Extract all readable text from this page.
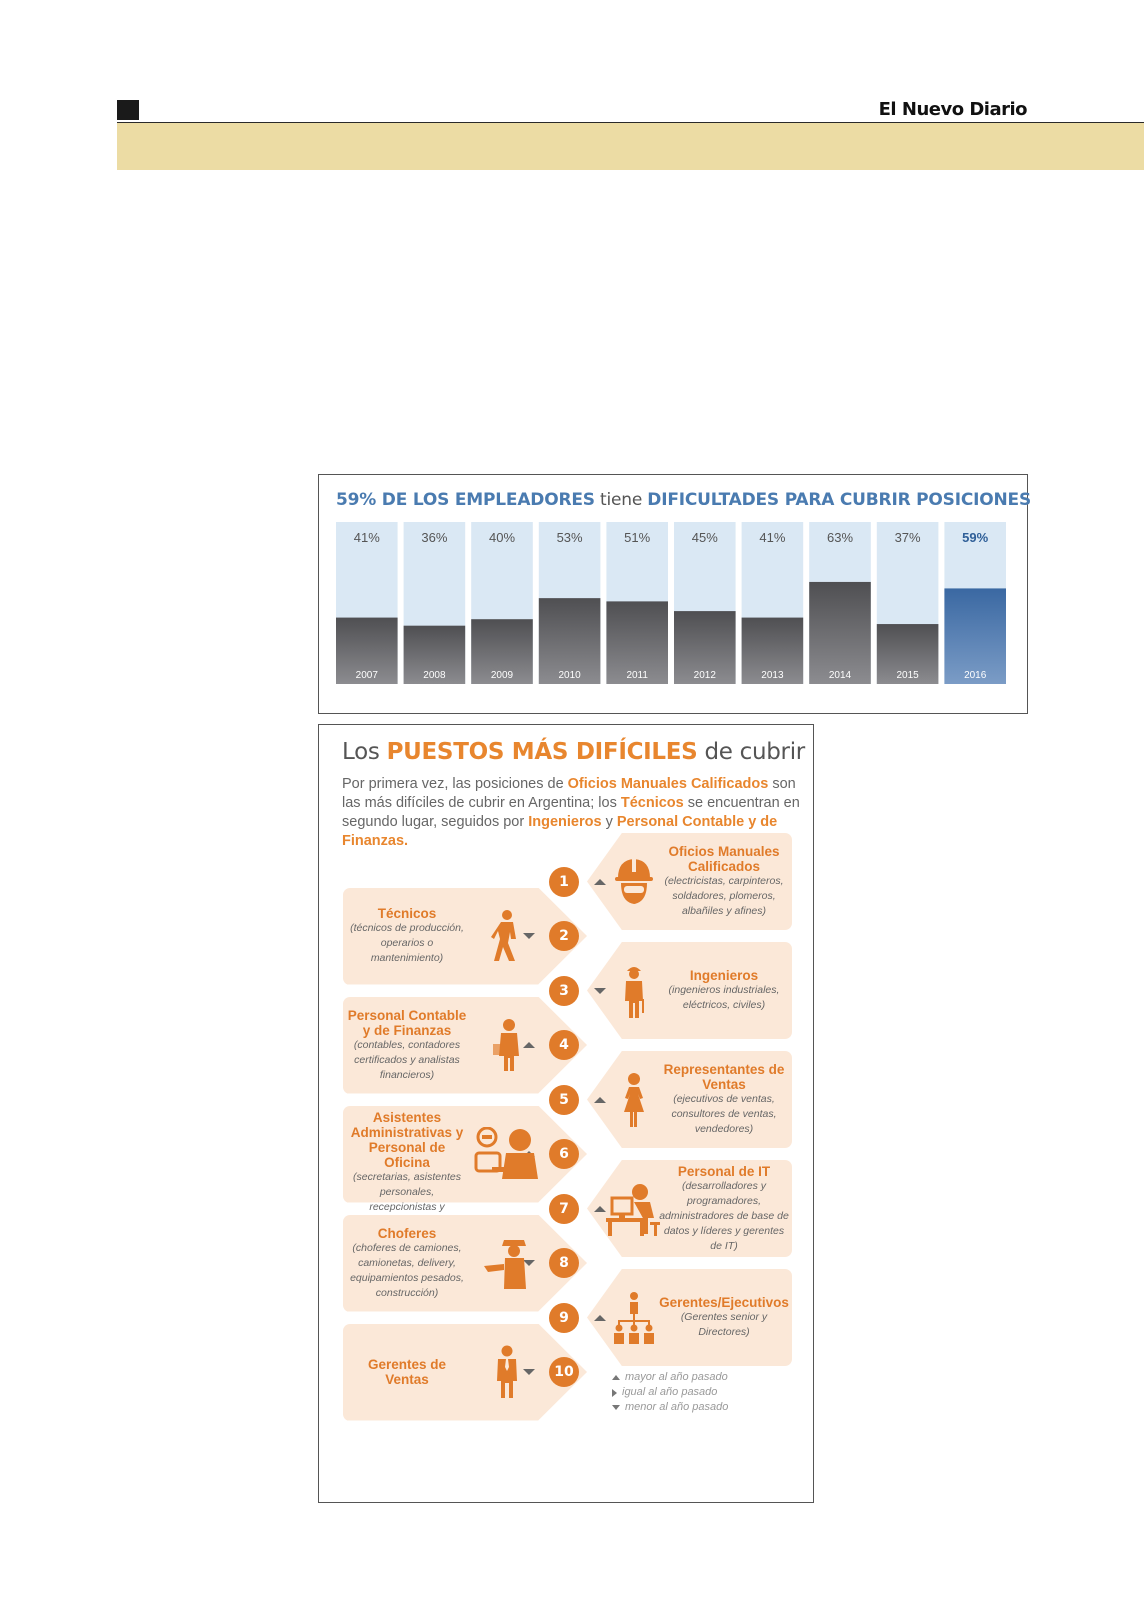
El Nuevo Diario
59% DE LOS EMPLEADORES tiene DIFICULTADES PARA CUBRIR POSICIONES
41%
2007
36%
2008
40%
2009
53%
2010
51%
2011
45%
2012
41%
2013
63%
2014
37%
2015
59%
2016
Los PUESTOS MÁS DIFÍCILES de cubrir
Por primera vez, las posiciones de Oficios Manuales Calificados son las más difíciles de cubrir en Argentina; los Técnicos se encuentran en segundo lugar, seguidos por Ingenieros y Personal Contable y de Finanzas.
1
Oficios Manuales Calificados
(electricistas, carpinteros, soldadores, plomeros, albañiles y afines)
2
Técnicos
(técnicos de producción, operarios o mantenimiento)
3
Ingenieros
(ingenieros industriales, eléctricos, civiles)
4
Personal Contable y de Finanzas
(contables, contadores certificados y analistas financieros)
5
Representantes de Ventas
(ejecutivos de ventas, consultores de ventas, vendedores)
6
Asistentes Administrativas y Personal de Oficina
(secretarias, asistentes personales, recepcionistas y	7
Personal de IT
(desarrolladores y programadores, administradores de base de datos y líderes y gerentes de IT)
8
Choferes
(choferes de camiones, camionetas, delivery, equipamientos pesados, construcción)
9
Gerentes/Ejecutivos
(Gerentes senior y Directores)
10
Gerentes de Ventas	mayor al año pasado
igual al año pasado
menor al año pasado
